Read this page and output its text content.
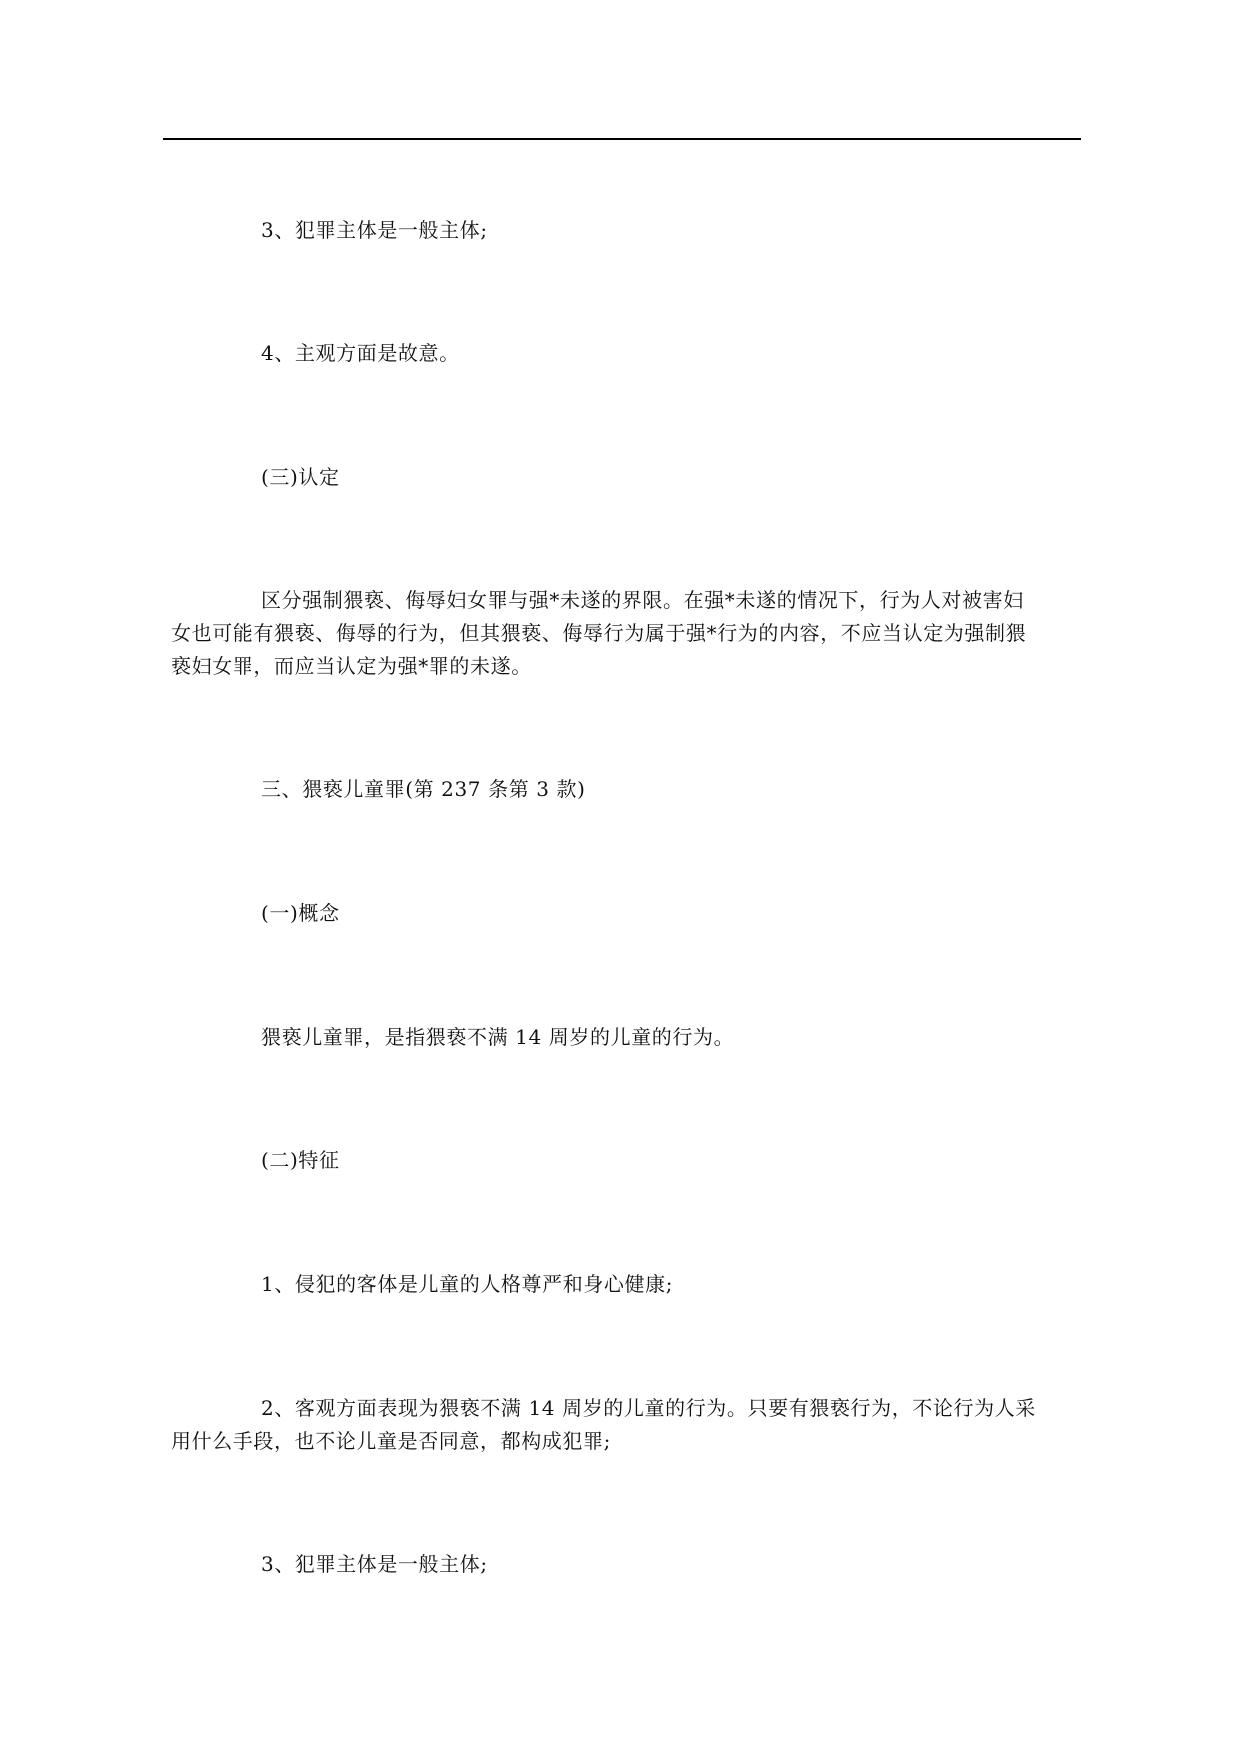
3、犯罪主体是一般主体;

4、主观方面是故意。

(三)认定

区分强制猥亵、侮辱妇女罪与强*未遂的界限。在强*未遂的情况下，行为人对被害妇
女也可能有猥亵、侮辱的行为，但其猥亵、侮辱行为属于强*行为的内容，不应当认定为强制猥
亵妇女罪，而应当认定为强*罪的未遂。

三、猥亵儿童罪(第 237 条第 3 款)

(一)概念

猥亵儿童罪，是指猥亵不满 14 周岁的儿童的行为。

(二)特征

1、侵犯的客体是儿童的人格尊严和身心健康;

2、客观方面表现为猥亵不满 14 周岁的儿童的行为。只要有猥亵行为，不论行为人采
用什么手段，也不论儿童是否同意，都构成犯罪;

3、犯罪主体是一般主体;
